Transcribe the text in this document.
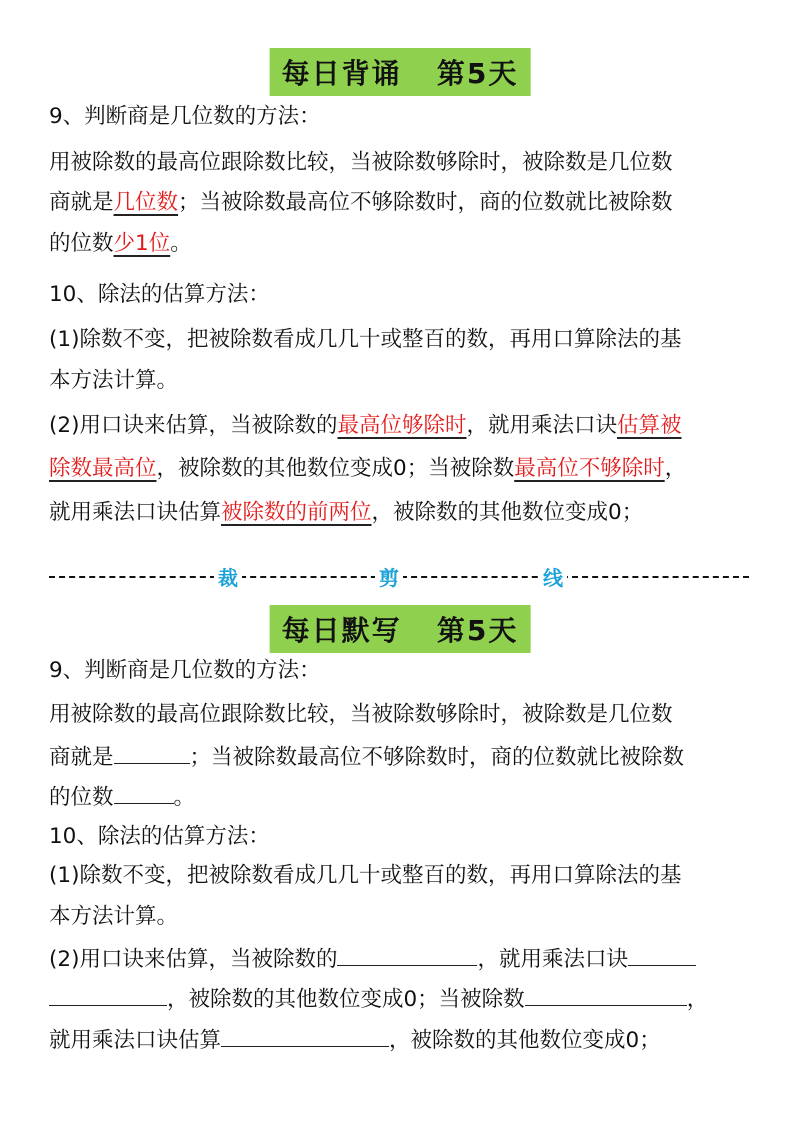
每日背诵 第5天
9、判断商是几位数的方法：
用被除数的最高位跟除数比较，当被除数够除时，被除数是几位数
商就是几位数；当被除数最高位不够除数时，商的位数就比被除数
的位数少1位。
10、除法的估算方法：
(1)除数不变，把被除数看成几几十或整百的数，再用口算除法的基
本方法计算。
(2)用口诀来估算，当被除数的最高位够除时，就用乘法口诀估算被
除数最高位，被除数的其他数位变成0；当被除数最高位不够除时，
就用乘法口诀估算被除数的前两位，被除数的其他数位变成0；
裁	剪	线
每日默写 第5天
9、判断商是几位数的方法：
用被除数的最高位跟除数比较，当被除数够除时，被除数是几位数
商就是	；当被除数最高位不够除数时，商的位数就比被除数
的位数	。
10、除法的估算方法：
(1)除数不变，把被除数看成几几十或整百的数，再用口算除法的基
本方法计算。
(2)用口诀来估算，当被除数的	，就用乘法口诀
，被除数的其他数位变成0；当被除数	，
就用乘法口诀估算	，被除数的其他数位变成0；
